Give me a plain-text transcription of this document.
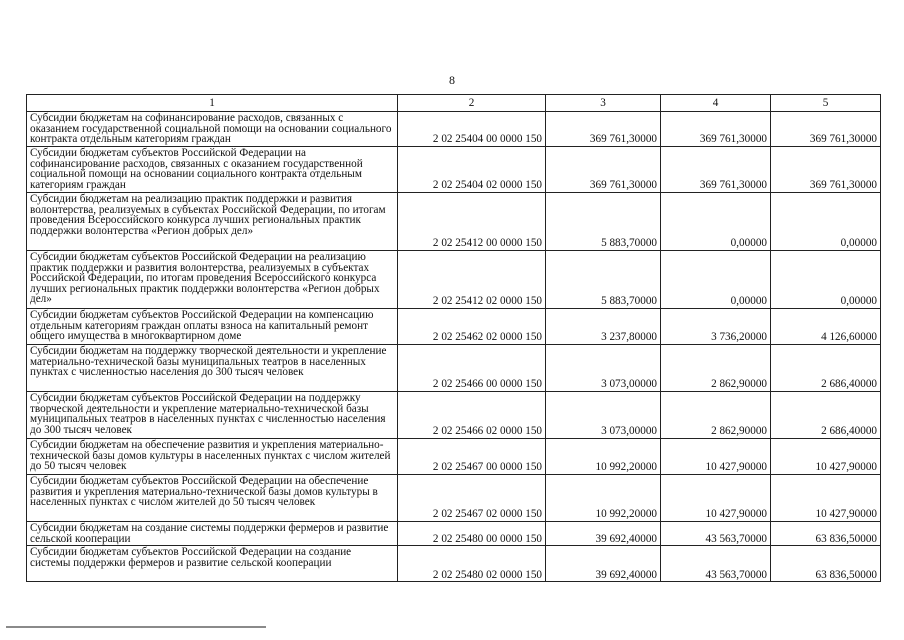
8
1	2	3	4	5
Субсидии бюджетам на софинансирование расходов, связанных с оказанием государственной социальной помощи на основании социального контракта отдельным категориям граждан	2 02 25404 00 0000 150	369 761,30000	369 761,30000	369 761,30000
Субсидии бюджетам субъектов Российской Федерации на софинансирование расходов, связанных с оказанием государственной социальной помощи на основании социального контракта отдельным категориям граждан	2 02 25404 02 0000 150	369 761,30000	369 761,30000	369 761,30000
Субсидии бюджетам на реализацию практик поддержки и развития волонтерства, реализуемых в субъектах Российской Федерации, по итогам проведения Всероссийского конкурса лучших региональных практик поддержки волонтерства «Регион добрых дел»	2 02 25412 00 0000 150	5 883,70000	0,00000	0,00000
Субсидии бюджетам субъектов Российской Федерации на реализацию практик поддержки и развития волонтерства, реализуемых в субъектах Российской Федерации, по итогам проведения Всероссийского конкурса лучших региональных практик поддержки волонтерства «Регион добрых дел»	2 02 25412 02 0000 150	5 883,70000	0,00000	0,00000
Субсидии бюджетам субъектов Российской Федерации на компенсацию отдельным категориям граждан оплаты взноса на капитальный ремонт общего имущества в многоквартирном доме	2 02 25462 02 0000 150	3 237,80000	3 736,20000	4 126,60000
Субсидии бюджетам на поддержку творческой деятельности и укрепление материально-технической базы муниципальных театров в населенных пунктах с численностью населения до 300 тысяч человек	2 02 25466 00 0000 150	3 073,00000	2 862,90000	2 686,40000
Субсидии бюджетам субъектов Российской Федерации на поддержку творческой деятельности и укрепление материально-технической базы муниципальных театров в населенных пунктах с численностью населения до 300 тысяч человек	2 02 25466 02 0000 150	3 073,00000	2 862,90000	2 686,40000
Субсидии бюджетам на обеспечение развития и укрепления материально-технической базы домов культуры в населенных пунктах с числом жителей до 50 тысяч человек	2 02 25467 00 0000 150	10 992,20000	10 427,90000	10 427,90000
Субсидии бюджетам субъектов Российской Федерации на обеспечение развития и укрепления материально-технической базы домов культуры в населенных пунктах с числом жителей до 50 тысяч человек	2 02 25467 02 0000 150	10 992,20000	10 427,90000	10 427,90000
Субсидии бюджетам на создание системы поддержки фермеров и развитие сельской кооперации	2 02 25480 00 0000 150	39 692,40000	43 563,70000	63 836,50000
Субсидии бюджетам субъектов Российской Федерации на создание системы поддержки фермеров и развитие сельской кооперации	2 02 25480 02 0000 150	39 692,40000	43 563,70000	63 836,50000
